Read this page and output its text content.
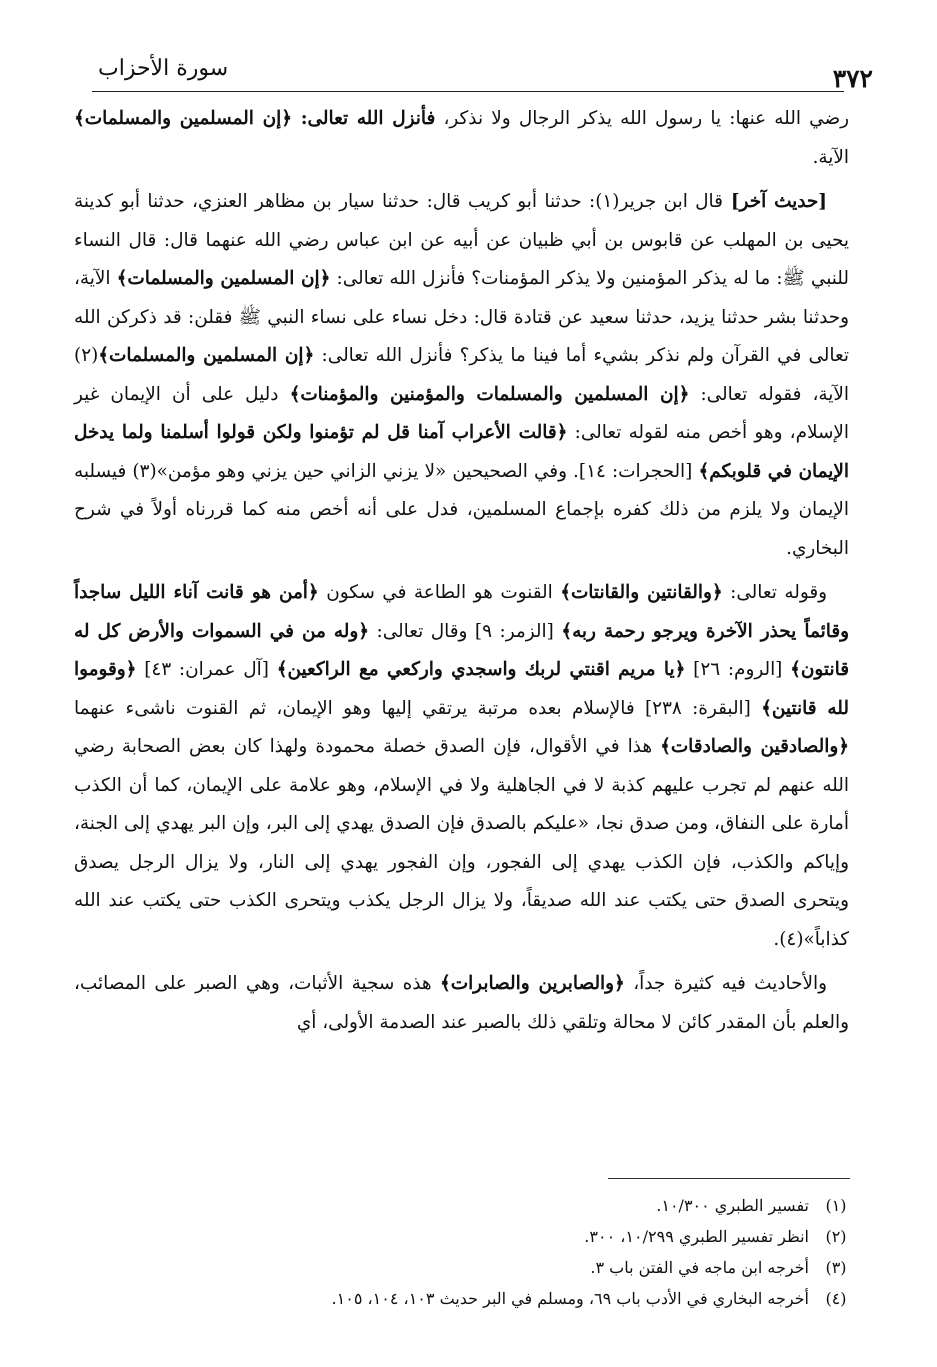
٣٧٢
سورة الأحزاب

رضي الله عنها: يا رسول الله يذكر الرجال ولا نذكر، فأنزل الله تعالى: ﴿إن المسلمين والمسلمات﴾ الآية.

[حديث آخر] قال ابن جرير(١): حدثنا أبو كريب قال: حدثنا سيار بن مظاهر العنزي، حدثنا أبو كدينة يحيى بن المهلب عن قابوس بن أبي ظبيان عن أبيه عن ابن عباس رضي الله عنهما قال: قال النساء للنبي ﷺ: ما له يذكر المؤمنين ولا يذكر المؤمنات؟ فأنزل الله تعالى: ﴿إن المسلمين والمسلمات﴾ الآية، وحدثنا بشر حدثنا يزيد، حدثنا سعيد عن قتادة قال: دخل نساء على نساء النبي ﷺ فقلن: قد ذكركن الله تعالى في القرآن ولم نذكر بشيء أما فينا ما يذكر؟ فأنزل الله تعالى: ﴿إن المسلمين والمسلمات﴾(٢) الآية، فقوله تعالى: ﴿إن المسلمين والمسلمات والمؤمنين والمؤمنات﴾ دليل على أن الإيمان غير الإسلام، وهو أخص منه لقوله تعالى: ﴿قالت الأعراب آمنا قل لم تؤمنوا ولكن قولوا أسلمنا ولما يدخل الإيمان في قلوبكم﴾ [الحجرات: ١٤]. وفي الصحيحين «لا يزني الزاني حين يزني وهو مؤمن»(٣) فيسلبه الإيمان ولا يلزم من ذلك كفره بإجماع المسلمين، فدل على أنه أخص منه كما قررناه أولاً في شرح البخاري.

وقوله تعالى: ﴿والقانتين والقانتات﴾ القنوت هو الطاعة في سكون ﴿أمن هو قانت آناء الليل ساجداً وقائماً يحذر الآخرة ويرجو رحمة ربه﴾ [الزمر: ٩] وقال تعالى: ﴿وله من في السموات والأرض كل له قانتون﴾ [الروم: ٢٦] ﴿يا مريم اقنتي لربك واسجدي واركعي مع الراكعين﴾ [آل عمران: ٤٣] ﴿وقوموا لله قانتين﴾ [البقرة: ٢٣٨] فالإسلام بعده مرتبة يرتقي إليها وهو الإيمان، ثم القنوت ناشىء عنهما ﴿والصادقين والصادقات﴾ هذا في الأقوال، فإن الصدق خصلة محمودة ولهذا كان بعض الصحابة رضي الله عنهم لم تجرب عليهم كذبة لا في الجاهلية ولا في الإسلام، وهو علامة على الإيمان، كما أن الكذب أمارة على النفاق، ومن صدق نجا، «عليكم بالصدق فإن الصدق يهدي إلى البر، وإن البر يهدي إلى الجنة، وإياكم والكذب، فإن الكذب يهدي إلى الفجور، وإن الفجور يهدي إلى النار، ولا يزال الرجل يصدق ويتحرى الصدق حتى يكتب عند الله صديقاً، ولا يزال الرجل يكذب ويتحرى الكذب حتى يكتب عند الله كذاباً»(٤).

والأحاديث فيه كثيرة جداً، ﴿والصابرين والصابرات﴾ هذه سجية الأثبات، وهي الصبر على المصائب، والعلم بأن المقدر كائن لا محالة وتلقي ذلك بالصبر عند الصدمة الأولى، أي

(١)
تفسير الطبري ١٠/٣٠٠.
(٢)
انظر تفسير الطبري ١٠/٢٩٩، ٣٠٠.
(٣)
أخرجه ابن ماجه في الفتن باب ٣.
(٤)
أخرجه البخاري في الأدب باب ٦٩، ومسلم في البر حديث ١٠٣، ١٠٤، ١٠٥.
